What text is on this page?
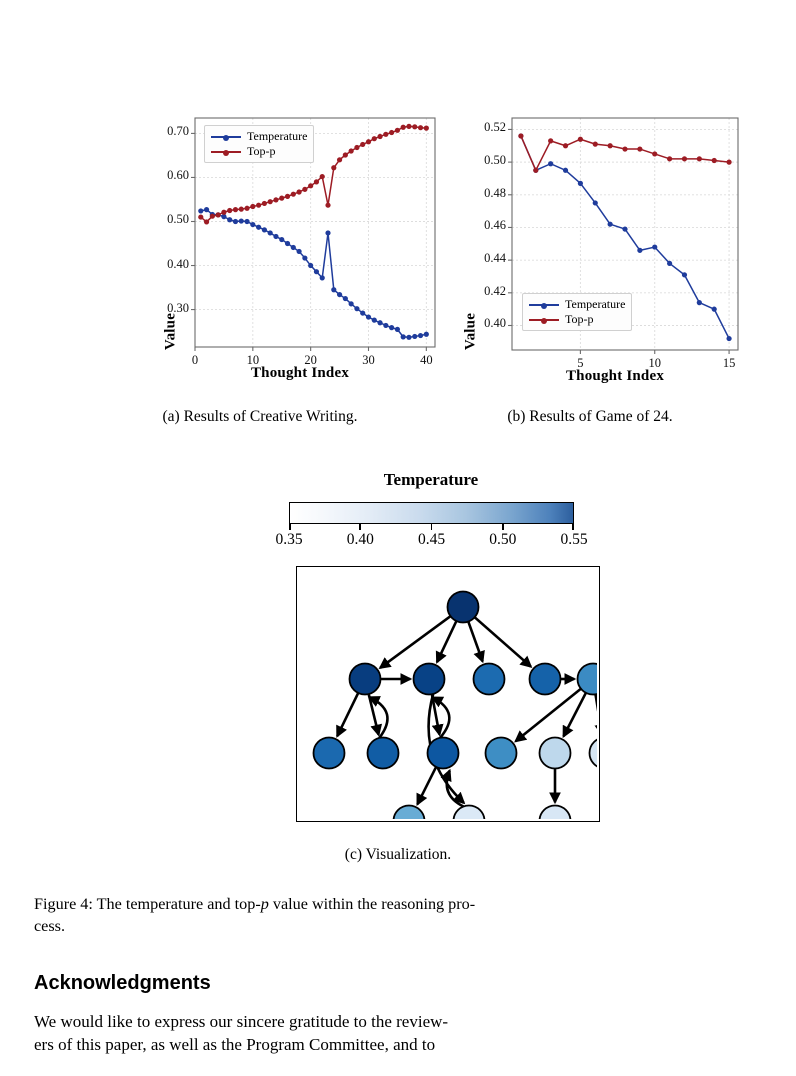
Value
Thought Index
0.30
0.40
0.50
0.60
0.70
0	10	20	30	40
Temperature
Top-p
Value
Thought Index
0.40
0.42
0.44
0.46
0.48
0.50
0.52
5	10	15
Temperature
Top-p
(a) Results of Creative Writing.	(b) Results of Game of 24.
Temperature
0.35	0.40	0.45	0.50	0.55
(c) Visualization.
Figure 4: The temperature and top-p value within the reasoning pro-
cess.
Acknowledgments
We would like to express our sincere gratitude to the review-
ers of this paper, as well as the Program Committee, and to
